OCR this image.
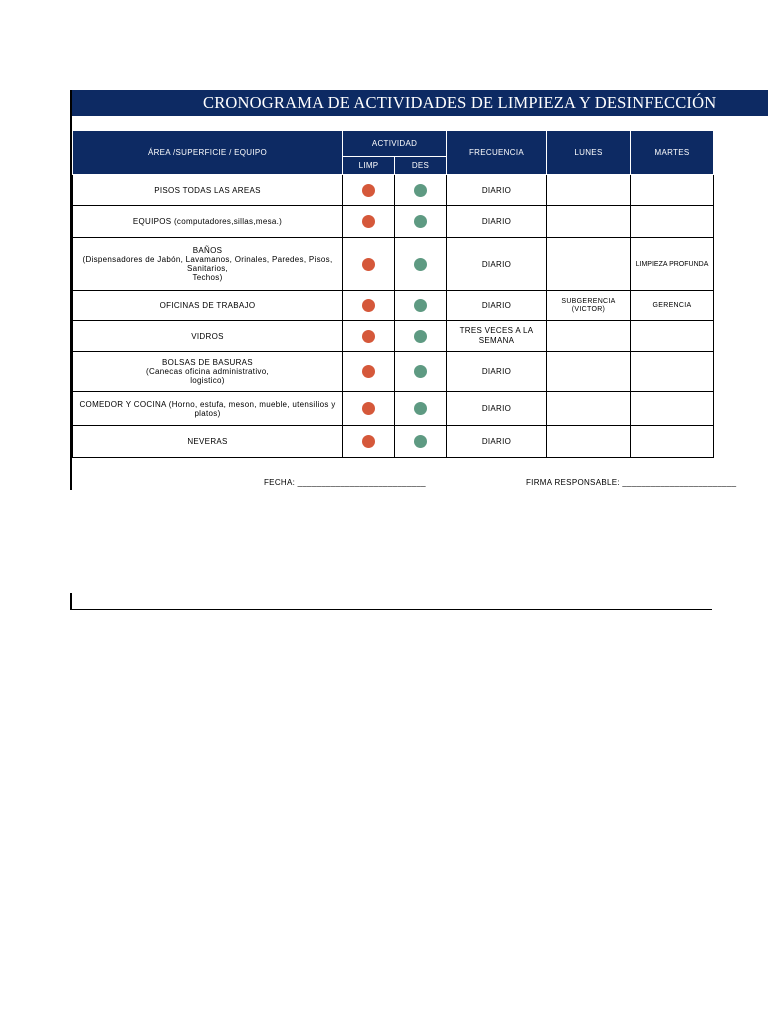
CRONOGRAMA DE ACTIVIDADES DE LIMPIEZA Y DESINFECCIÓN
ÁREA /SUPERFICIE / EQUIPO	ACTIVIDAD		FRECUENCIA	LUNES	MARTES
	LIMP	DES			
PISOS TODAS LAS AREAS			DIARIO		
EQUIPOS (computadores,sillas,mesa.)			DIARIO		

BAÑOS
(Dispensadores de Jabón, Lavamanos, Orinales, Paredes, Pisos, Sanitarios,
Techos)			DIARIO		LIMPIEZA PROFUNDA
OFICINAS DE TRABAJO			DIARIO	SUBGERENCIA
(VICTOR)	GERENCIA
VIDROS			TRES VECES A LA SEMANA		

BOLSAS DE BASURAS
(Canecas oficina administrativo,
logistico)			DIARIO		
COMEDOR Y COCINA (Horno, estufa, meson, mueble, utensilios y platos)			DIARIO		
NEVERAS			DIARIO		
FECHA: ___________________________	FIRMA RESPONSABLE: ________________________
